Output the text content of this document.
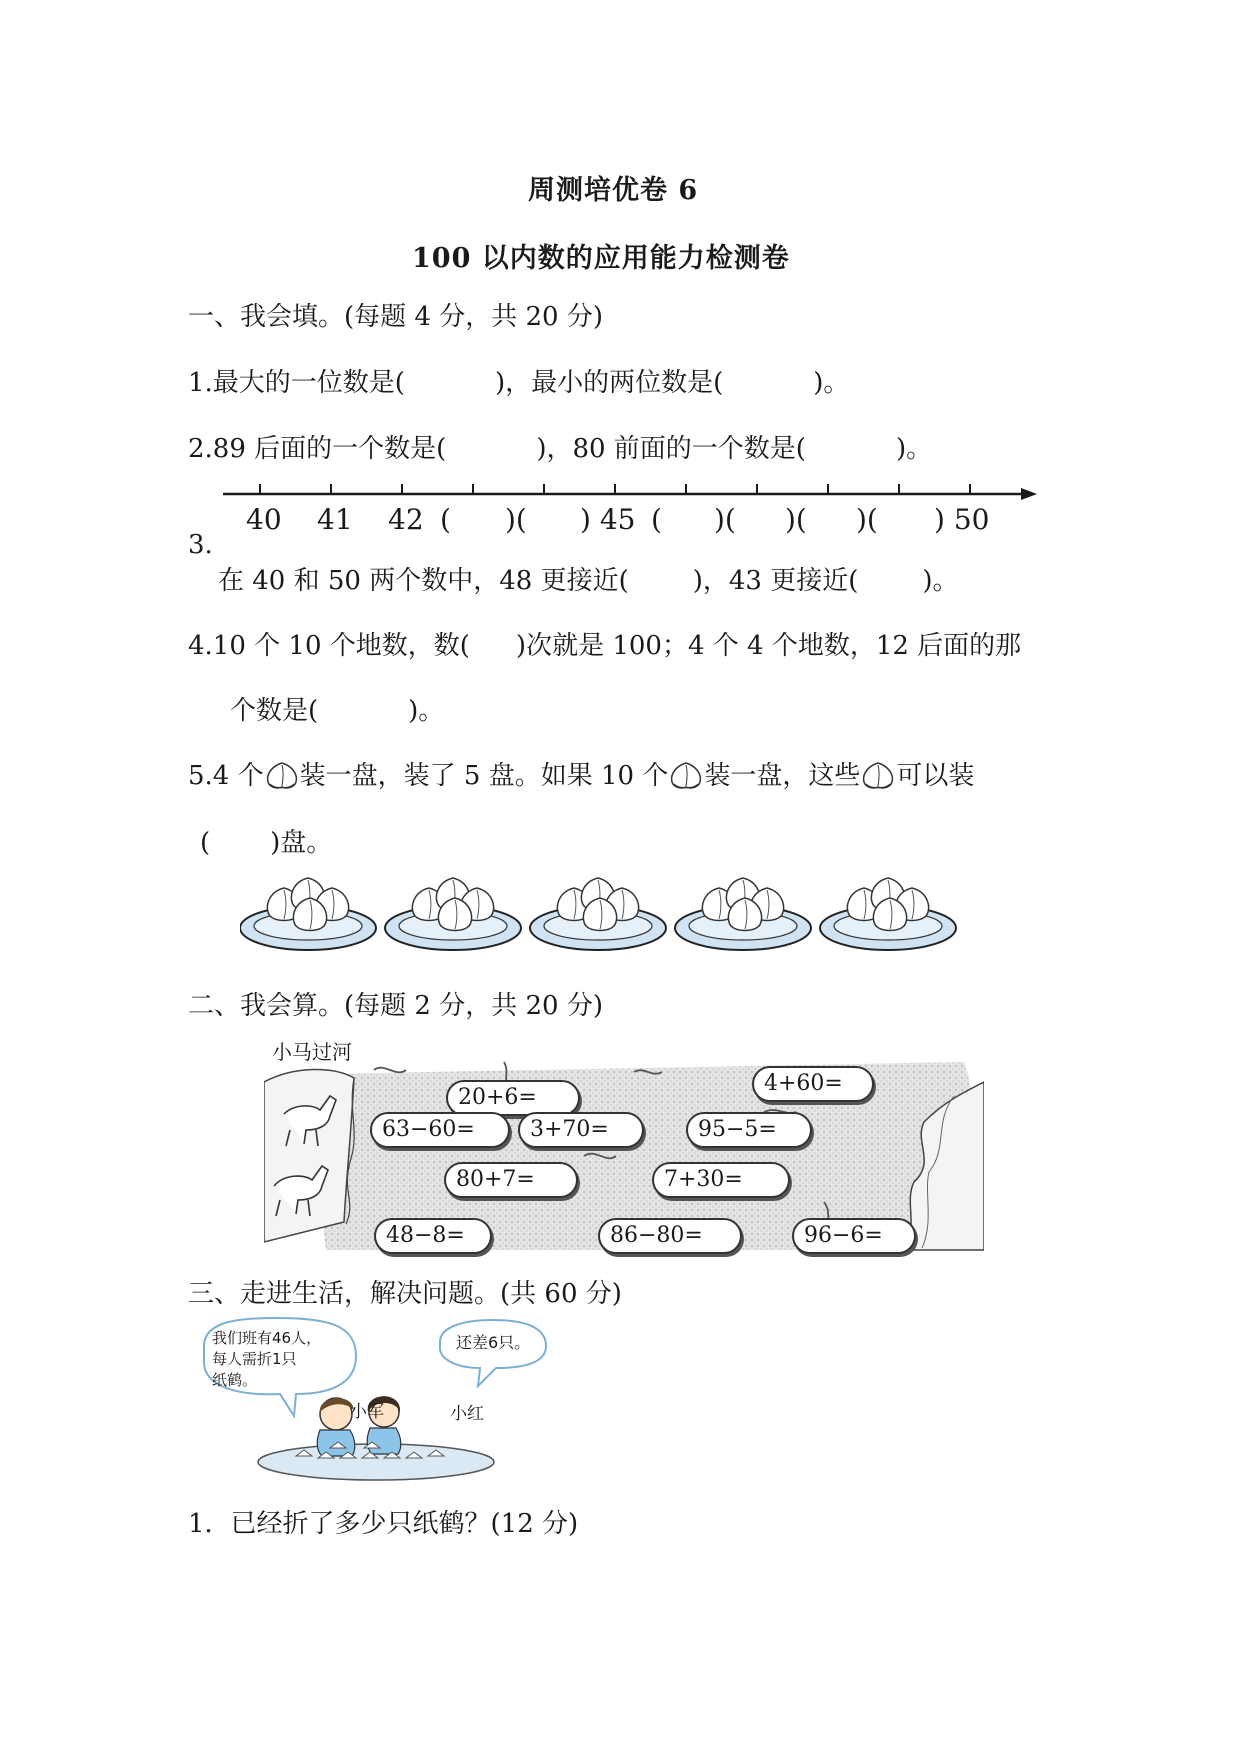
周测培优卷 6
100 以内数的应用能力检测卷
一、我会填。(每题 4 分，共 20 分)
1.最大的一位数是(	)，最小的两位数是(	)。
2.89 后面的一个数是(	)，80 前面的一个数是(	)。
3.
40 41 42 ( )( ) 45 ( )( )( )( ) 50
在 40 和 50 两个数中，48 更接近( )，43 更接近( )。
4.10 个 10 个地数，数( )次就是 100；4 个 4 个地数，12 后面的那
个数是(	)。
5.4 个 装一盘，装了 5 盘。如果 10 个 装一盘，这些 可以装
( )盘。
二、我会算。(每题 2 分，共 20 分)
小马过河
20+6=
4+60=
63−60=	3+70=	95−5=
80+7=	7+30=
48−8=	86−80=	96−6=
三、走进生活，解决问题。(共 60 分)
我们班有46人，
每人需折1只
纸鹤。
还差6只。
小军	小红
1．已经折了多少只纸鹤？(12 分)
